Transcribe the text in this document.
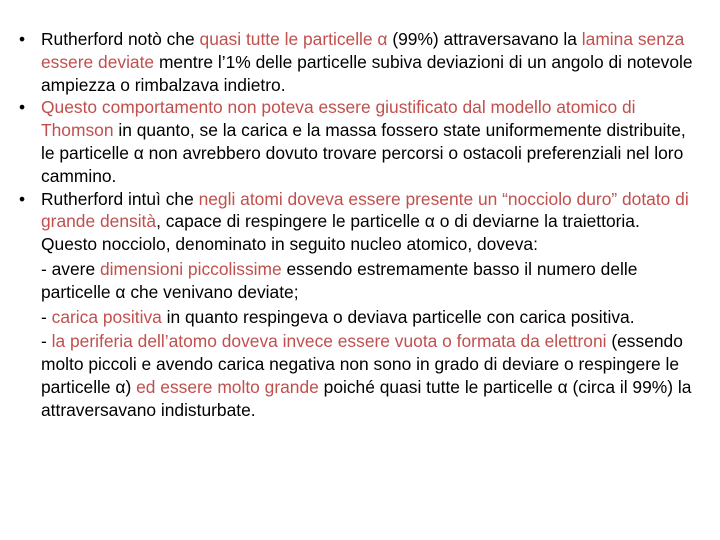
• Rutherford notò che quasi tutte le particelle α (99%) attraversavano la lamina senza essere deviate mentre l’1% delle particelle subiva deviazioni di un angolo di notevole ampiezza o rimbalzava indietro.
• Questo comportamento non poteva essere giustificato dal modello atomico di Thomson in quanto, se la carica e la massa fossero state uniformemente distribuite, le particelle α non avrebbero dovuto trovare percorsi o ostacoli preferenziali nel loro cammino.
• Rutherford intuì che negli atomi doveva essere presente un “nocciolo duro” dotato di grande densità, capace di respingere le particelle α o di deviarne la traiettoria. Questo nocciolo, denominato in seguito nucleo atomico, doveva:
- avere dimensioni piccolissime essendo estremamente basso il numero delle particelle α che venivano deviate;
- carica positiva in quanto respingeva o deviava particelle con carica positiva.
- la periferia dell’atomo doveva invece essere vuota o formata da elettroni (essendo molto piccoli e avendo carica negativa non sono in grado di deviare o respingere le particelle α) ed essere molto grande poiché quasi tutte le particelle α (circa il 99%) la attraversavano indisturbate.
